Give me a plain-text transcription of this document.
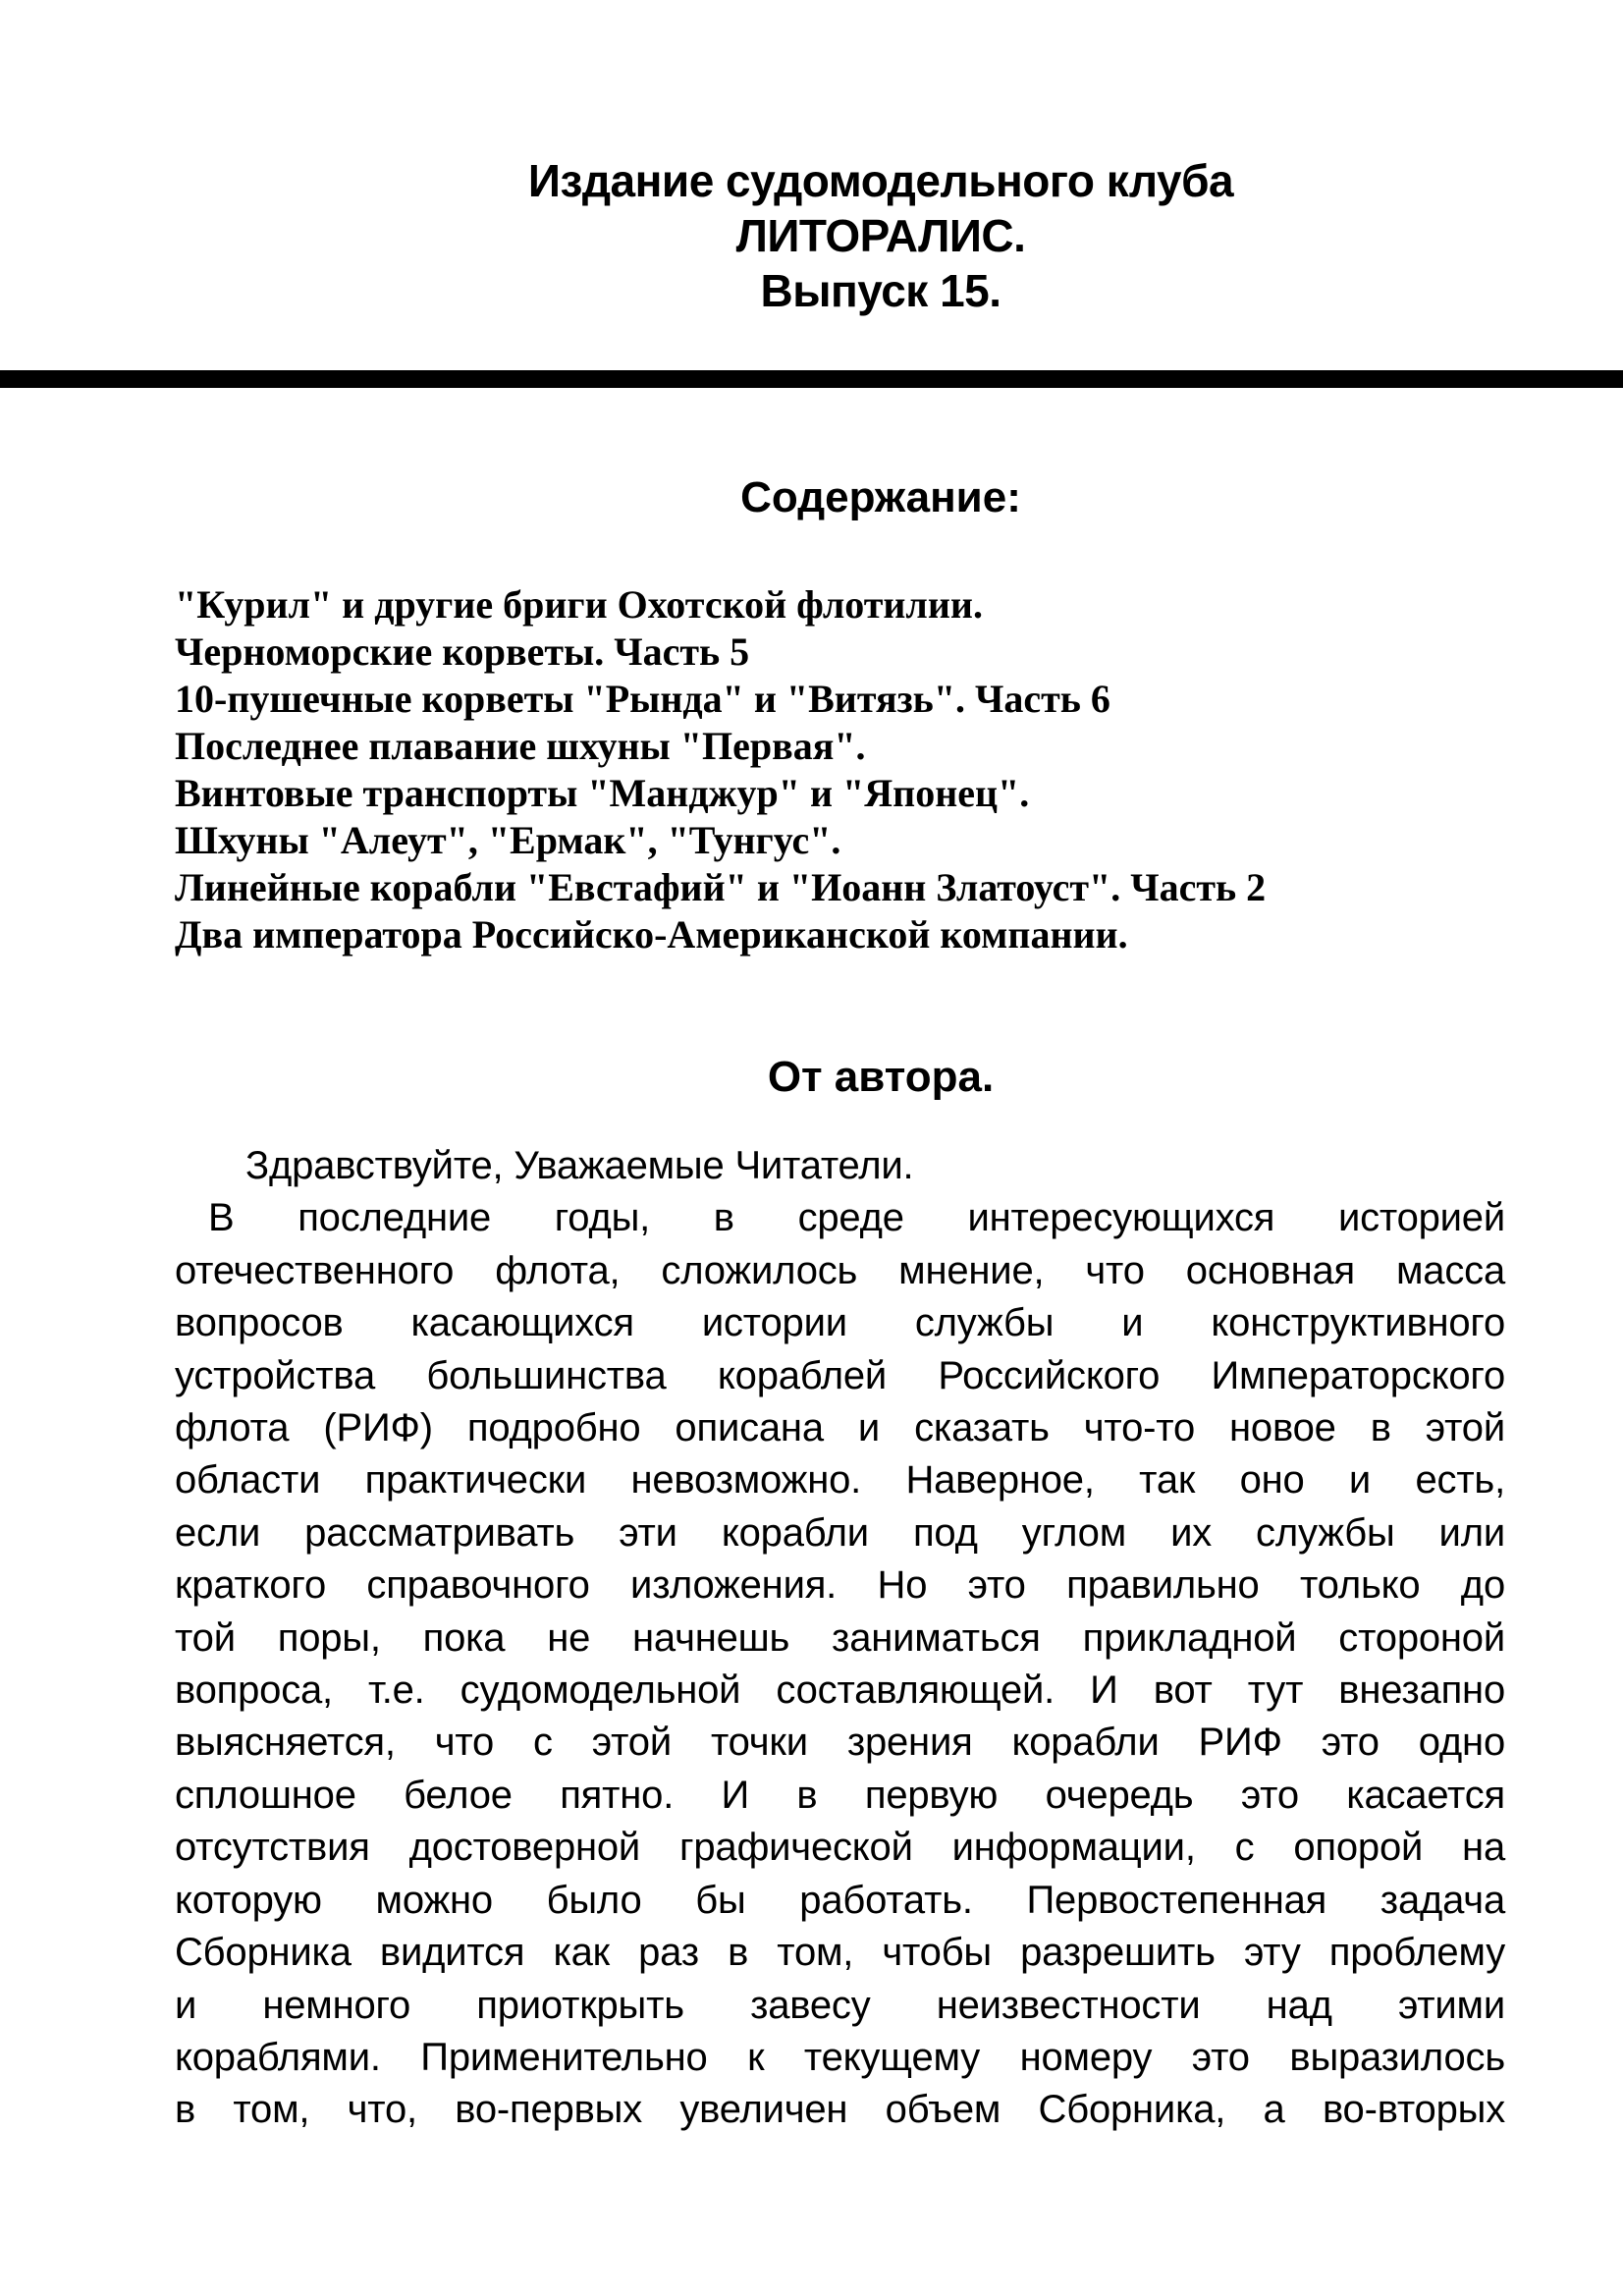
Издание судомодельного клуба
ЛИТОРАЛИС.
Выпуск 15.
Содержание:
"Курил" и другие бриги Охотской флотилии.
Черноморские корветы. Часть 5
10-пушечные корветы "Рында" и "Витязь". Часть 6
Последнее плавание шхуны "Первая".
Винтовые транспорты "Манджур" и "Японец".
Шхуны "Алеут", "Ермак", "Тунгус".
Линейные корабли "Евстафий" и "Иоанн Златоуст". Часть 2
Два императора Российско-Американской компании.
От автора.
Здравствуйте, Уважаемые Читатели.
В последние годы, в среде интересующихся историей
отечественного флота, сложилось мнение, что основная масса
вопросов касающихся истории службы и конструктивного
устройства большинства кораблей Российского Императорского
флота (РИФ) подробно описана и сказать что-то новое в этой
области практически невозможно. Наверное, так оно и есть,
если рассматривать эти корабли под углом их службы или
краткого справочного изложения. Но это правильно только до
той поры, пока не начнешь заниматься прикладной стороной
вопроса, т.е. судомодельной составляющей. И вот тут внезапно
выясняется, что с этой точки зрения корабли РИФ это одно
сплошное белое пятно. И в первую очередь это касается
отсутствия достоверной графической информации, с опорой на
которую можно было бы работать. Первостепенная задача
Сборника видится как раз в том, чтобы разрешить эту проблему
и немного приоткрыть завесу неизвестности над этими
кораблями. Применительно к текущему номеру это выразилось
в том, что, во-первых увеличен объем Сборника, а во-вторых
